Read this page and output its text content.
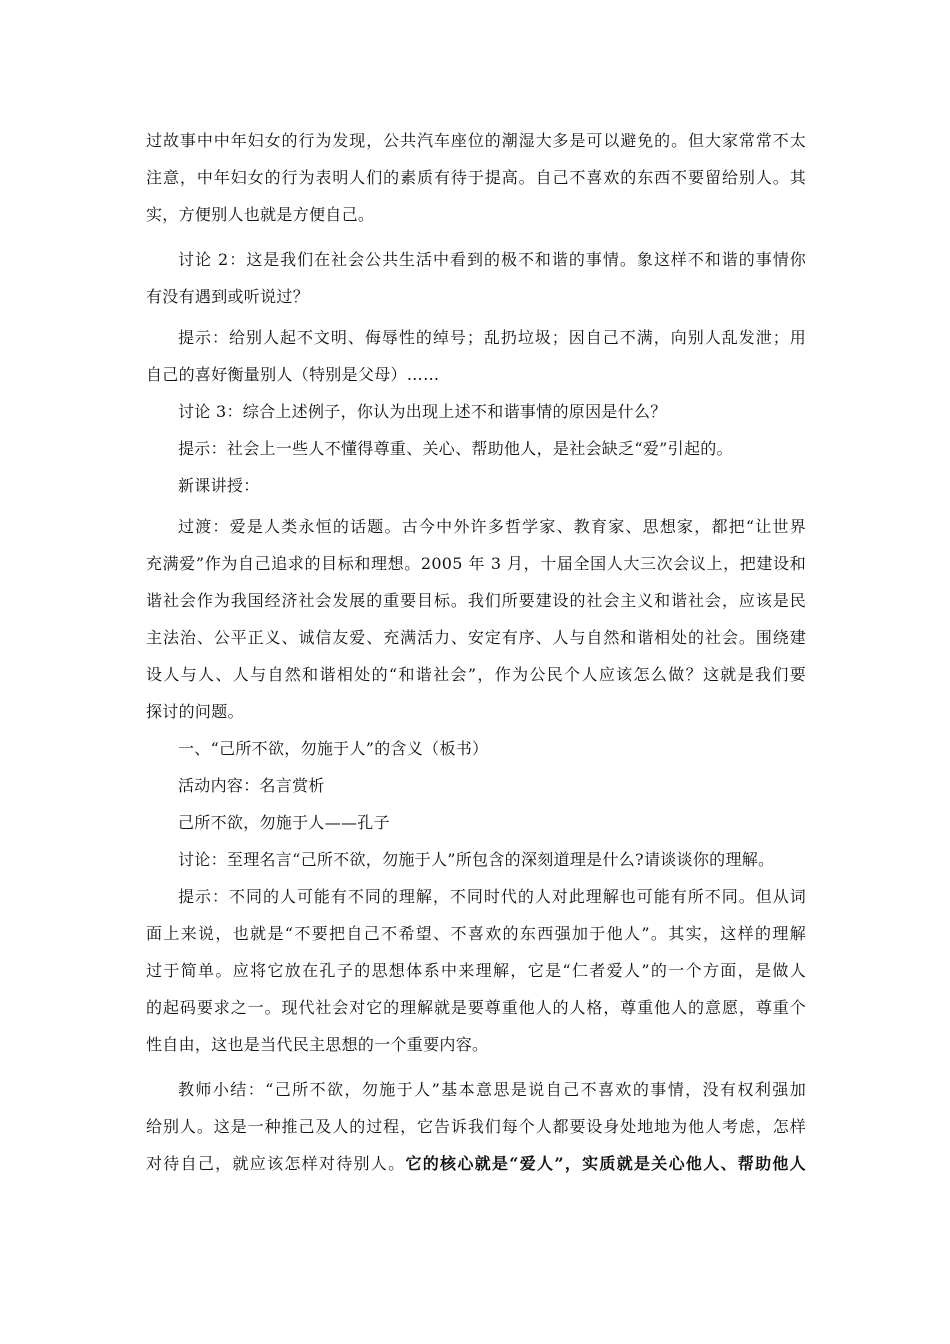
过故事中中年妇女的行为发现，公共汽车座位的潮湿大多是可以避免的。但大家常常不太
注意，中年妇女的行为表明人们的素质有待于提高。自己不喜欢的东西不要留给别人。其
实，方便别人也就是方便自己。
讨论 2：这是我们在社会公共生活中看到的极不和谐的事情。象这样不和谐的事情你
有没有遇到或听说过？
提示：给别人起不文明、侮辱性的绰号；乱扔垃圾；因自己不满，向别人乱发泄；用
自己的喜好衡量别人（特别是父母）……
讨论 3：综合上述例子，你认为出现上述不和谐事情的原因是什么？
提示：社会上一些人不懂得尊重、关心、帮助他人，是社会缺乏“爱”引起的。
新课讲授：
过渡：爱是人类永恒的话题。古今中外许多哲学家、教育家、思想家，都把“让世界
充满爱”作为自己追求的目标和理想。2005 年 3 月，十届全国人大三次会议上，把建设和
谐社会作为我国经济社会发展的重要目标。我们所要建设的社会主义和谐社会，应该是民
主法治、公平正义、诚信友爱、充满活力、安定有序、人与自然和谐相处的社会。围绕建
设人与人、人与自然和谐相处的“和谐社会”，作为公民个人应该怎么做？这就是我们要
探讨的问题。
一、“己所不欲，勿施于人”的含义（板书）
活动内容：名言赏析
己所不欲，勿施于人——孔子
讨论：至理名言“己所不欲，勿施于人”所包含的深刻道理是什么?请谈谈你的理解。
提示：不同的人可能有不同的理解，不同时代的人对此理解也可能有所不同。但从词
面上来说，也就是“不要把自己不希望、不喜欢的东西强加于他人”。其实，这样的理解
过于简单。应将它放在孔子的思想体系中来理解，它是“仁者爱人”的一个方面，是做人
的起码要求之一。现代社会对它的理解就是要尊重他人的人格，尊重他人的意愿，尊重个
性自由，这也是当代民主思想的一个重要内容。
教师小结：“己所不欲，勿施于人”基本意思是说自己不喜欢的事情，没有权利强加
给别人。这是一种推己及人的过程，它告诉我们每个人都要设身处地地为他人考虑，怎样
对待自己，就应该怎样对待别人。它的核心就是“爱人”，实质就是关心他人、帮助他人
